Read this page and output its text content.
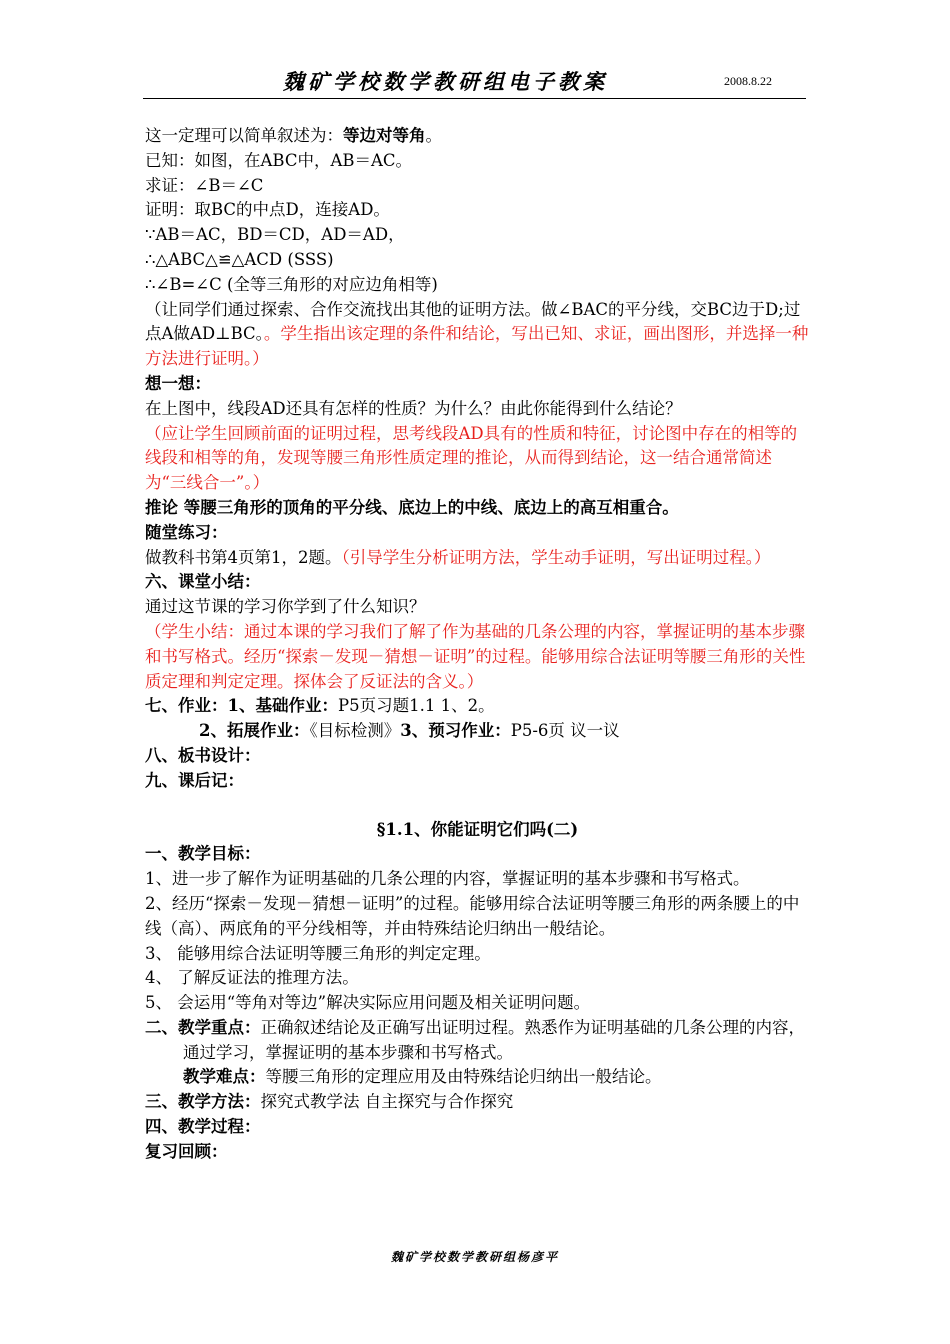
魏矿学校数学教研组电子教案	2008.8.22
这一定理可以简单叙述为：等边对等角。
已知：如图，在ABC中，AB＝AC。
求证：∠B＝∠C
证明：取BC的中点D，连接AD。
∵AB＝AC，BD＝CD，AD＝AD，
∴△ABC△≌△ACD (SSS)
∴∠B=∠C (全等三角形的对应边角相等)
（让同学们通过探索、合作交流找出其他的证明方法。做∠BAC的平分线，交BC边于D;过点A做AD⊥BC。。学生指出该定理的条件和结论，写出已知、求证，画出图形，并选择一种方法进行证明。）
想一想：
在上图中，线段AD还具有怎样的性质？为什么？由此你能得到什么结论？
（应让学生回顾前面的证明过程，思考线段AD具有的性质和特征，讨论图中存在的相等的线段和相等的角，发现等腰三角形性质定理的推论，从而得到结论，这一结合通常简述为“三线合一”。）
推论 等腰三角形的顶角的平分线、底边上的中线、底边上的高互相重合。
随堂练习：
做教科书第4页第1，2题。（引导学生分析证明方法，学生动手证明，写出证明过程。）
六、课堂小结：
通过这节课的学习你学到了什么知识？
（学生小结：通过本课的学习我们了解了作为基础的几条公理的内容，掌握证明的基本步骤和书写格式。经历“探索－发现－猜想－证明”的过程。能够用综合法证明等腰三角形的关性质定理和判定定理。探体会了反证法的含义。）
七、作业：1、基础作业：P5页习题1.1 1、2。
2、拓展作业：《目标检测》3、预习作业：P5-6页 议一议
八、板书设计：
九、课后记：
§1.1、你能证明它们吗(二)
一、教学目标：
1、进一步了解作为证明基础的几条公理的内容，掌握证明的基本步骤和书写格式。
2、经历“探索－发现－猜想－证明”的过程。能够用综合法证明等腰三角形的两条腰上的中线（高）、两底角的平分线相等，并由特殊结论归纳出一般结论。
3、 能够用综合法证明等腰三角形的判定定理。
4、 了解反证法的推理方法。
5、 会运用“等角对等边”解决实际应用问题及相关证明问题。
二、教学重点：正确叙述结论及正确写出证明过程。熟悉作为证明基础的几条公理的内容，通过学习，掌握证明的基本步骤和书写格式。
教学难点：等腰三角形的定理应用及由特殊结论归纳出一般结论。
三、教学方法：探究式教学法 自主探究与合作探究
四、教学过程：
复习回顾：
魏矿学校数学教研组杨彦平
